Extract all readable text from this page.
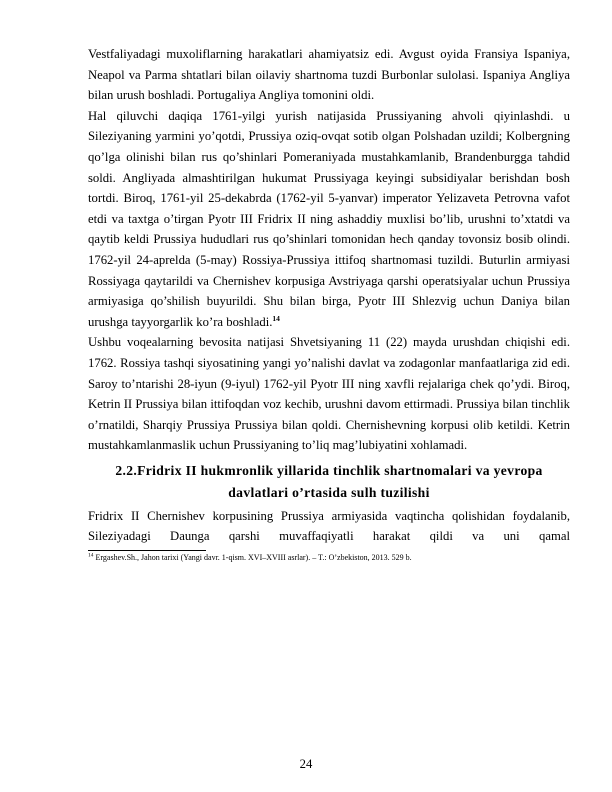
Vestfaliyadagi muxoliflarning harakatlari ahamiyatsiz edi. Avgust oyida Fransiya Ispaniya, Neapol va Parma shtatlari bilan oilaviy shartnoma tuzdi Burbonlar sulolasi. Ispaniya Angliya bilan urush boshladi. Portugaliya Angliya tomonini oldi.

Hal qiluvchi daqiqa 1761-yilgi yurish natijasida Prussiyaning ahvoli qiyinlashdi. u Sileziyaning yarmini yo’qotdi, Prussiya oziq-ovqat sotib olgan Polshadan uzildi; Kolbergning qo’lga olinishi bilan rus qo’shinlari Pomeraniyada mustahkamlanib, Brandenburgga tahdid soldi. Angliyada almashtirilgan hukumat Prussiyaga keyingi subsidiyalar berishdan bosh tortdi. Biroq, 1761-yil 25-dekabrda (1762-yil 5-yanvar) imperator Yelizaveta Petrovna vafot etdi va taxtga o’tirgan Pyotr III Fridrix II ning ashaddiy muxlisi bo’lib, urushni to’xtatdi va qaytib keldi Prussiya hududlari rus qo’shinlari tomonidan hech qanday tovonsiz bosib olindi. 1762-yil 24-aprelda (5-may) Rossiya-Prussiya ittifoq shartnomasi tuzildi. Buturlin armiyasi Rossiyaga qaytarildi va Chernishev korpusiga Avstriyaga qarshi operatsiyalar uchun Prussiya armiyasiga qo’shilish buyurildi. Shu bilan birga, Pyotr III Shlezvig uchun Daniya bilan urushga tayyorgarlik ko’ra boshladi.$^{14}$

Ushbu voqealarning bevosita natijasi Shvetsiyaning 11 (22) mayda urushdan chiqishi edi. 1762. Rossiya tashqi siyosatining yangi yo’nalishi davlat va zodagonlar manfaatlariga zid edi. Saroy to’ntarishi 28-iyun (9-iyul) 1762-yil Pyotr III ning xavfli rejalariga chek qo’ydi. Biroq, Ketrin II Prussiya bilan ittifoqdan voz kechib, urushni davom ettirmadi. Prussiya bilan tinchlik o’rnatildi, Sharqiy Prussiya Prussiya bilan qoldi. Chernishevning korpusi olib ketildi. Ketrin mustahkamlanmaslik uchun Prussiyaning to’liq mag’lubiyatini xohlamadi.

2.2.Fridrix II hukmronlik yillarida tinchlik shartnomalari va yevropa
davlatlari o’rtasida sulh tuzilishi

Fridrix II Chernishev korpusining Prussiya armiyasida vaqtincha qolishidan foydalanib, Sileziyadagi Daunga qarshi muvaffaqiyatli harakat qildi va uni qamal

$^{14}$ Ergashev.Sh., Jahon tarixi (Yangi davr. 1-qism. XVI–XVIII asrlar). – T.: O’zbekiston, 2013. 529 b.
24
